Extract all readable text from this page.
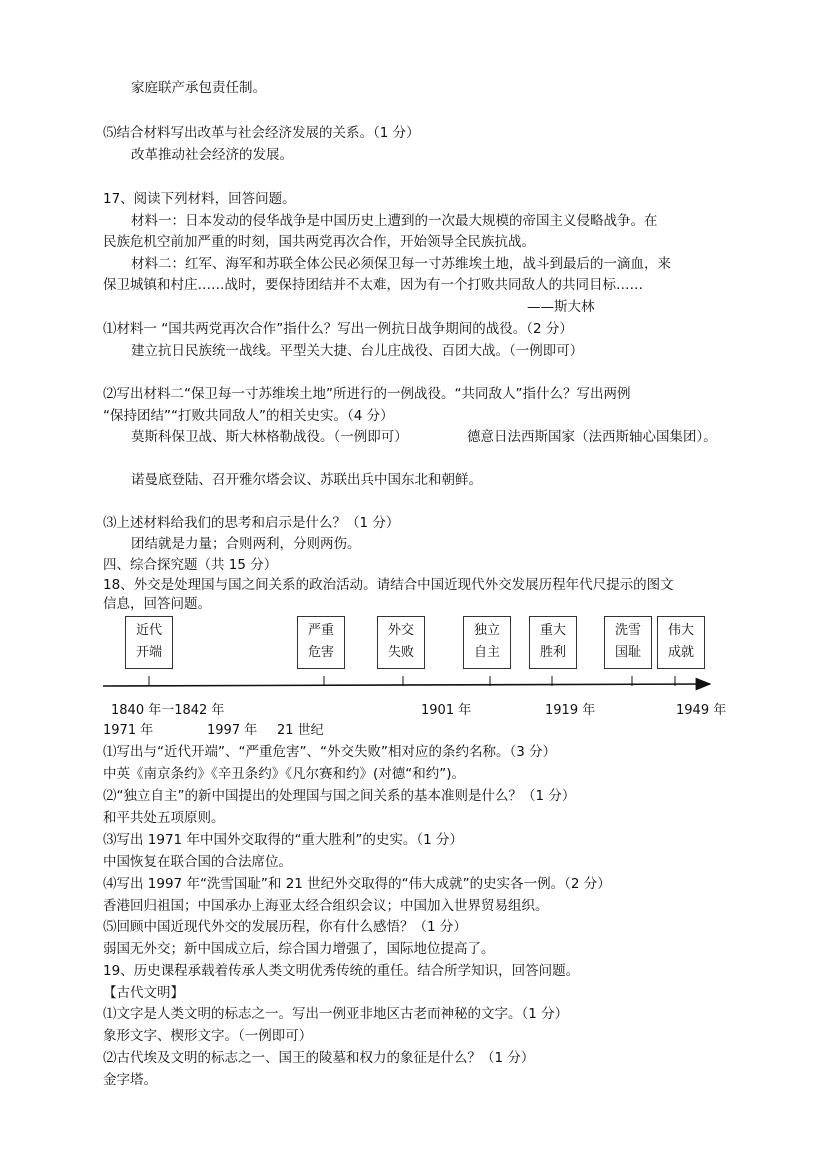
家庭联产承包责任制。
⑸结合材料写出改革与社会经济发展的关系。（1 分）
改革推动社会经济的发展。
17、阅读下列材料，回答问题。
材料一：日本发动的侵华战争是中国历史上遭到的一次最大规模的帝国主义侵略战争。在
民族危机空前加严重的时刻，国共两党再次合作，开始领导全民族抗战。
材料二：红军、海军和苏联全体公民必须保卫每一寸苏维埃土地，战斗到最后的一滴血，来
保卫城镇和村庄……战时，要保持团结并不太难，因为有一个打败共同敌人的共同目标……
——斯大林
⑴材料一 “国共两党再次合作”指什么？写出一例抗日战争期间的战役。（2 分）
建立抗日民族统一战线。平型关大捷、台儿庄战役、百团大战。（一例即可）
⑵写出材料二“保卫每一寸苏维埃土地”所进行的一例战役。“共同敌人”指什么？写出两例
“保持团结”“打败共同敌人”的相关史实。（4 分）
莫斯科保卫战、斯大林格勒战役。（一例即可）	德意日法西斯国家（法西斯轴心国集团）。
诺曼底登陆、召开雅尔塔会议、苏联出兵中国东北和朝鲜。
⑶上述材料给我们的思考和启示是什么？（1 分）
团结就是力量；合则两利，分则两伤。
四、综合探究题（共 15 分）
18、外交是处理国与国之间关系的政治活动。请结合中国近现代外交发展历程年代尺提示的图文
信息，回答问题。
近代
开端
严重
危害
外交
失败
独立
自主
重大
胜利
洗雪
国耻
伟大
成就
1840 年一1842 年	1901 年	1919 年	1949 年
1971 年	1997 年 21 世纪
⑴写出与“近代开端”、“严重危害”、“外交失败”相对应的条约名称。（3 分）
中英《南京条约》《辛丑条约》《凡尔赛和约》(对德“和约”)。
⑵“独立自主”的新中国提出的处理国与国之间关系的基本准则是什么？（1 分）
和平共处五项原则。
⑶写出 1971 年中国外交取得的“重大胜利”的史实。（1 分）
中国恢复在联合国的合法席位。
⑷写出 1997 年“洗雪国耻”和 21 世纪外交取得的“伟大成就”的史实各一例。（2 分）
香港回归祖国；中国承办上海亚太经合组织会议；中国加入世界贸易组织。
⑸回顾中国近现代外交的发展历程，你有什么感悟？（1 分）
弱国无外交；新中国成立后，综合国力增强了，国际地位提高了。
19、历史课程承载着传承人类文明优秀传统的重任。结合所学知识，回答问题。
【古代文明】
⑴文字是人类文明的标志之一。写出一例亚非地区古老而神秘的文字。（1 分）
象形文字、楔形文字。（一例即可）
⑵古代埃及文明的标志之一、国王的陵墓和权力的象征是什么？（1 分）
金字塔。
